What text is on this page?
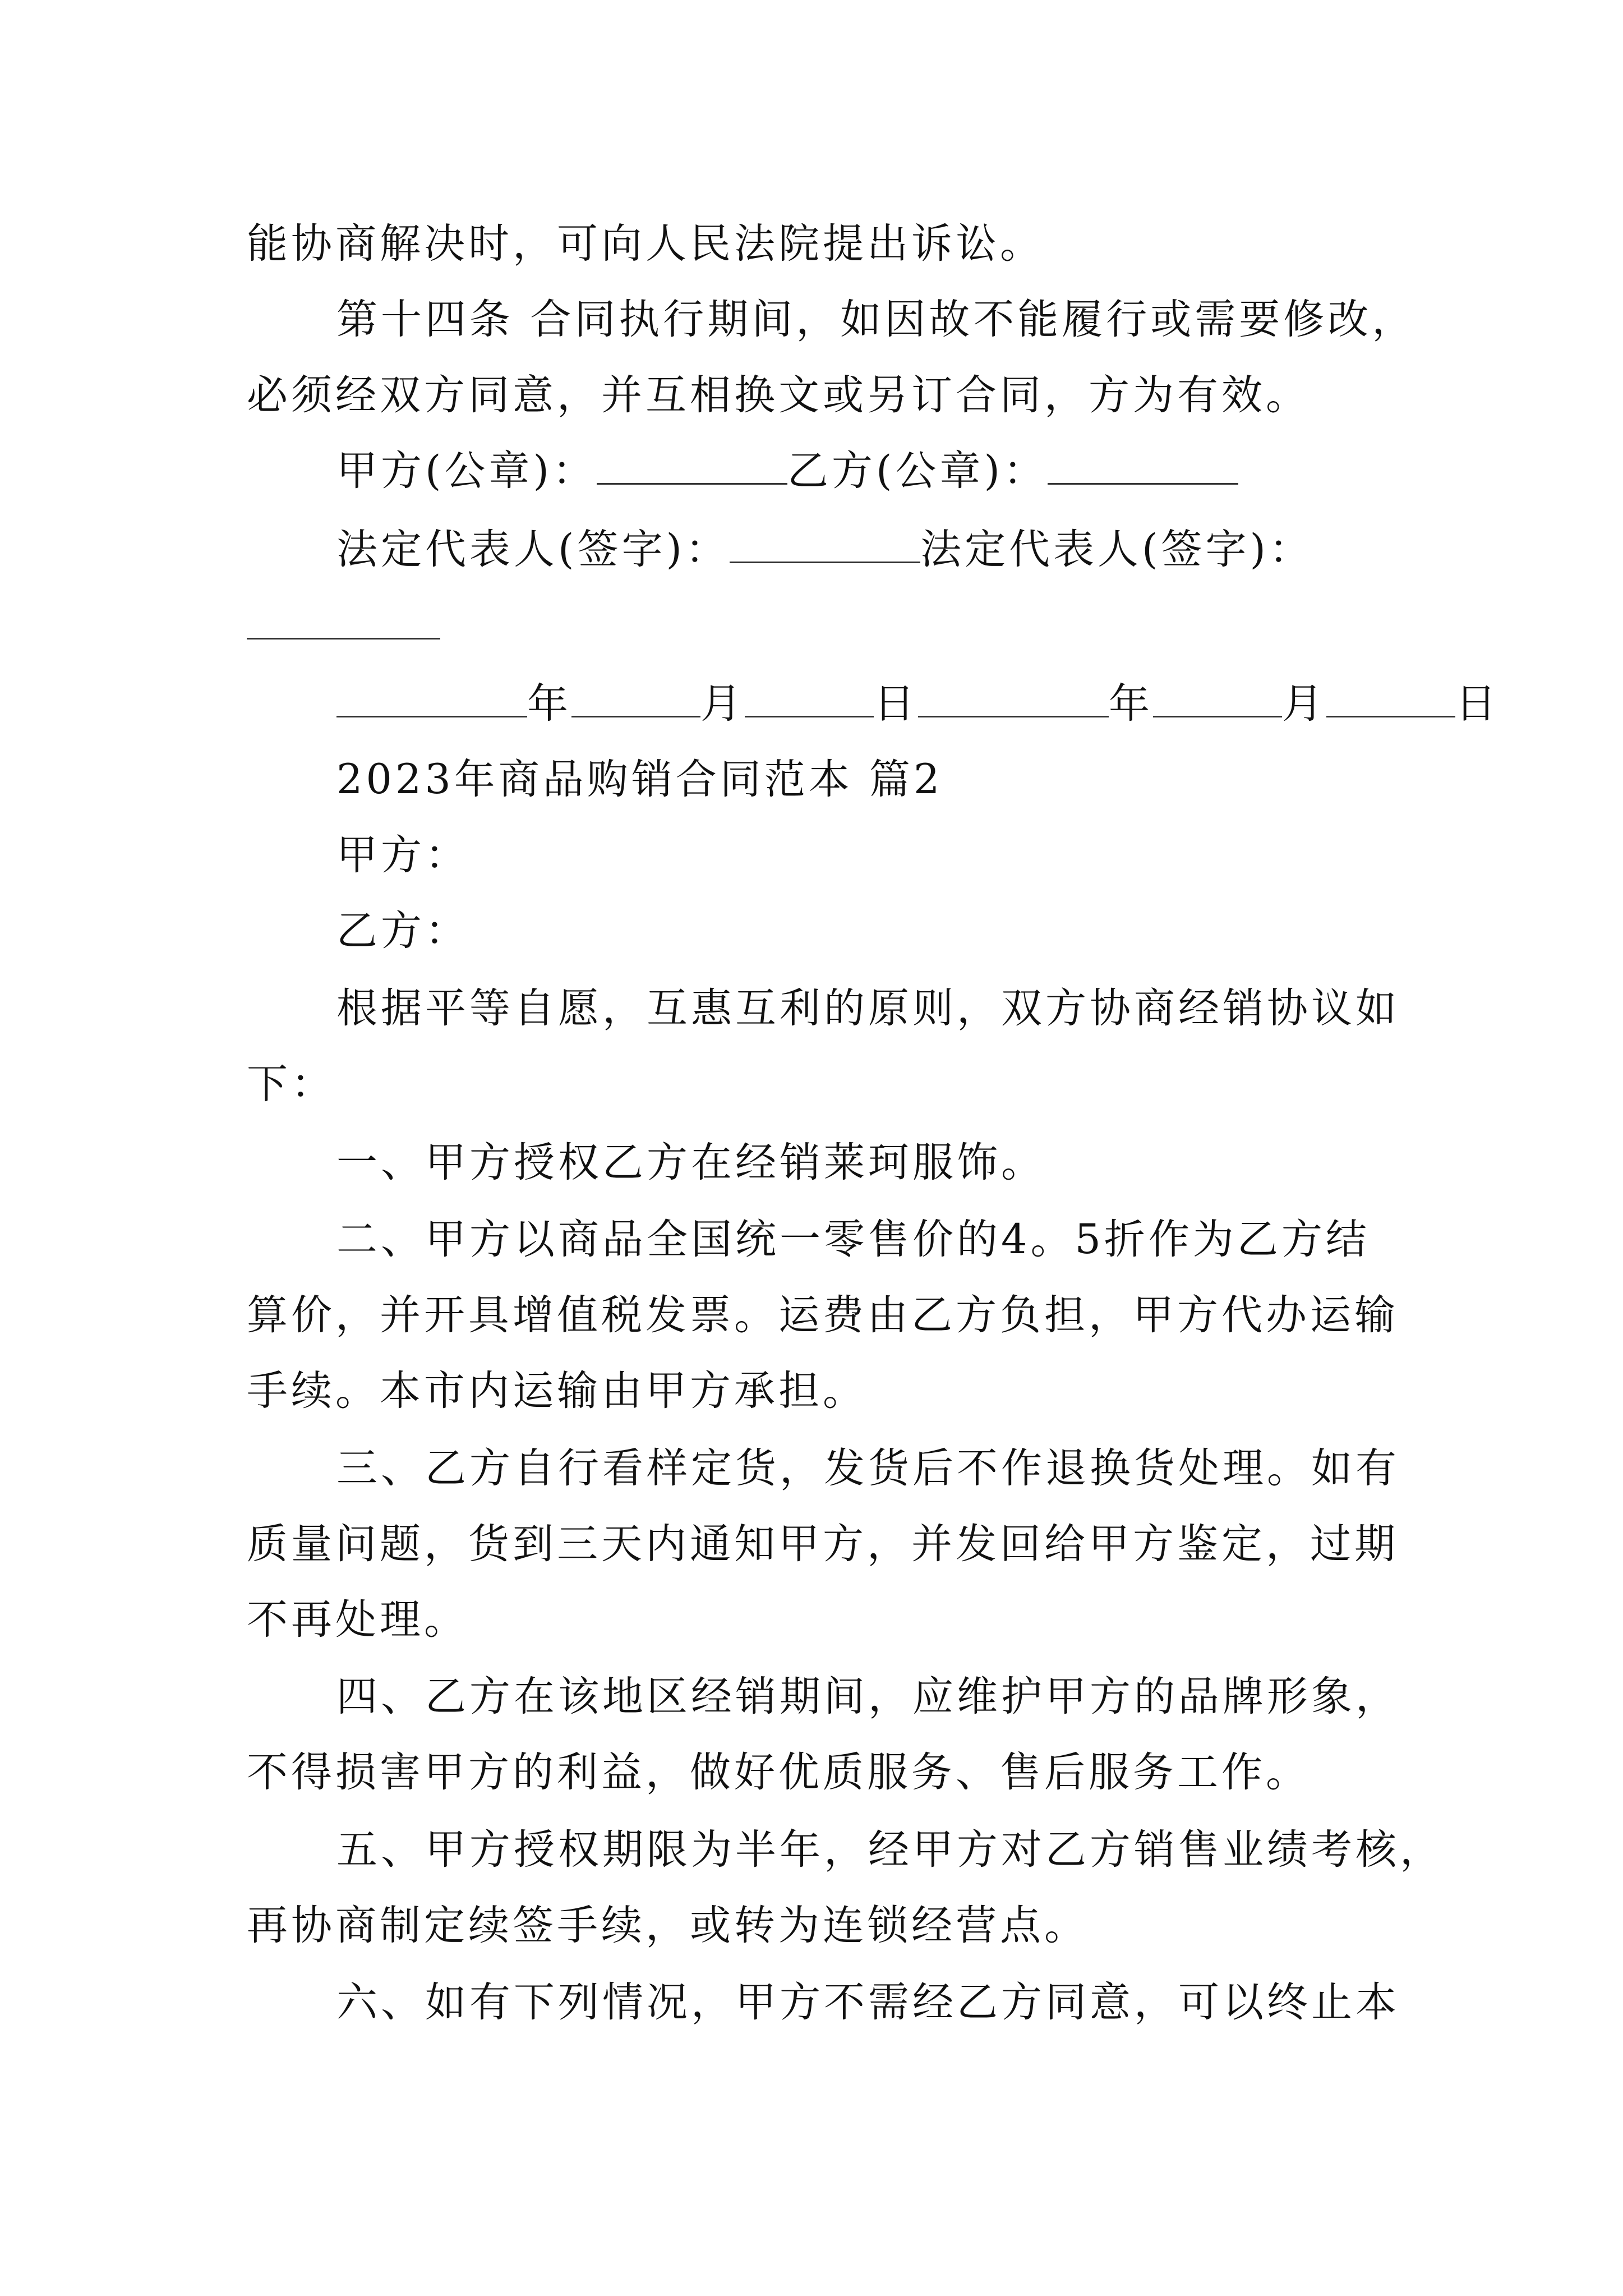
能协商解决时，可向人民法院提出诉讼。
第十四条 合同执行期间，如因故不能履行或需要修改，
必须经双方同意，并互相换文或另订合同，方为有效。
甲方(公章)：	乙方(公章)：
法定代表人(签字)：	法定代表人(签字)：
年	月	日	年	月	日
2023年商品购销合同范本 篇2
甲方：
乙方：
根据平等自愿，互惠互利的原则，双方协商经销协议如
下：
一、甲方授权乙方在经销莱珂服饰。
二、甲方以商品全国统一零售价的4。5折作为乙方结
算价，并开具增值税发票。运费由乙方负担，甲方代办运输
手续。本市内运输由甲方承担。
三、乙方自行看样定货，发货后不作退换货处理。如有
质量问题，货到三天内通知甲方，并发回给甲方鉴定，过期
不再处理。
四、乙方在该地区经销期间，应维护甲方的品牌形象，
不得损害甲方的利益，做好优质服务、售后服务工作。
五、甲方授权期限为半年，经甲方对乙方销售业绩考核，
再协商制定续签手续，或转为连锁经营点。
六、如有下列情况，甲方不需经乙方同意，可以终止本
